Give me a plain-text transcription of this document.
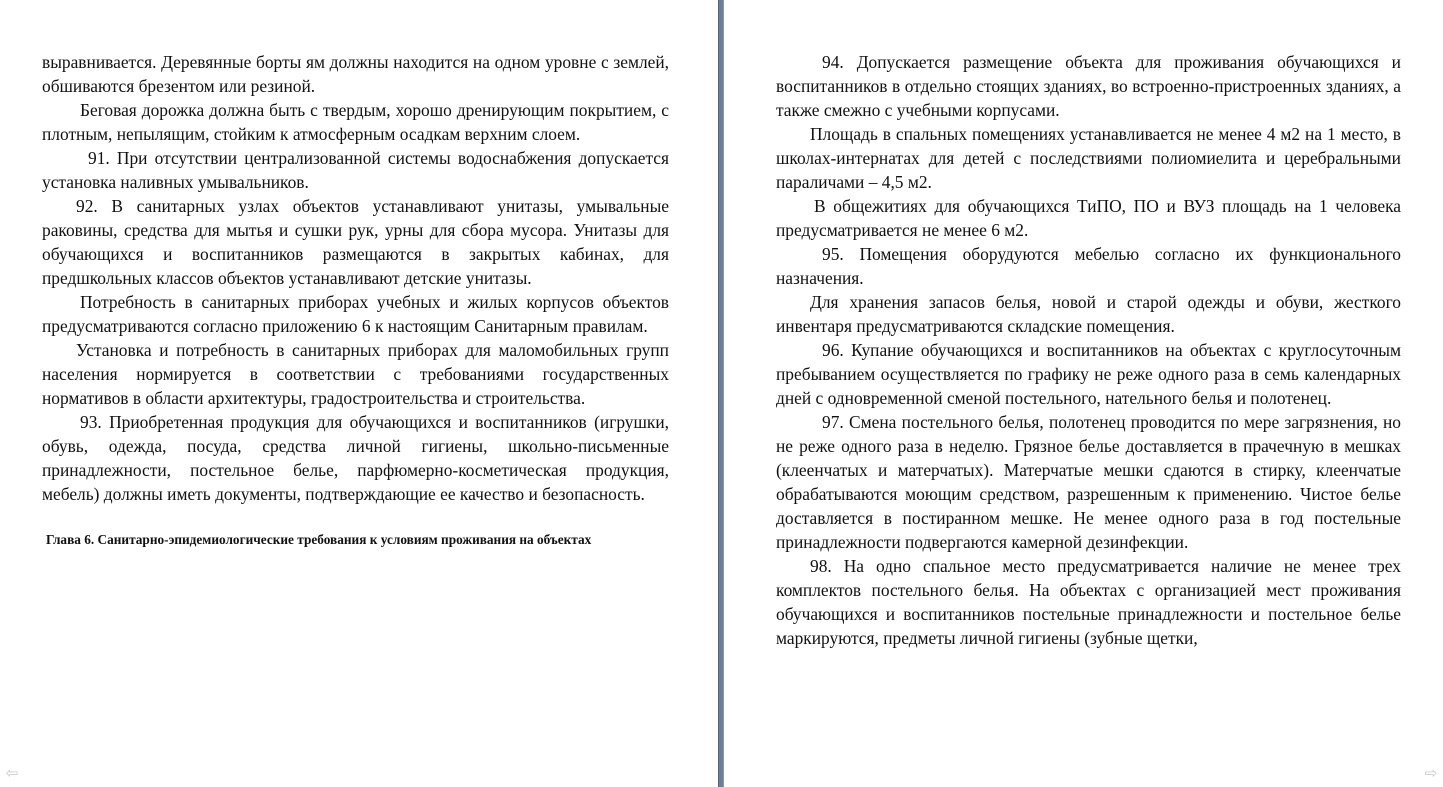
выравнивается. Деревянные борты ям должны находится на одном уровне с землей, обшиваются брезентом или резиной.

Беговая дорожка должна быть с твердым, хорошо дренирующим покрытием, с плотным, непылящим, стойким к атмосферным осадкам верхним слоем.

91. При отсутствии централизованной системы водоснабжения допускается установка наливных умывальников.

92. В санитарных узлах объектов устанавливают унитазы, умывальные раковины, средства для мытья и сушки рук, урны для сбора мусора. Унитазы для обучающихся и воспитанников размещаются в закрытых кабинах, для предшкольных классов объектов устанавливают детские унитазы.

Потребность в санитарных приборах учебных и жилых корпусов объектов предусматриваются согласно приложению 6 к настоящим Санитарным правилам.

Установка и потребность в санитарных приборах для маломобильных групп населения нормируется в соответствии с требованиями государственных нормативов в области архитектуры, градостроительства и строительства.

93. Приобретенная продукция для обучающихся и воспитанников (игрушки, обувь, одежда, посуда, средства личной гигиены, школьно-письменные принадлежности, постельное белье, парфюмерно-косметическая продукция, мебель) должны иметь документы, подтверждающие ее качество и безопасность.

Глава 6. Санитарно-эпидемиологические требования к условиям проживания на объектах

94. Допускается размещение объекта для проживания обучающихся и воспитанников в отдельно стоящих зданиях, во встроенно-пристроенных зданиях, а также смежно с учебными корпусами.

Площадь в спальных помещениях устанавливается не менее 4 м2 на 1 место, в школах-интернатах для детей с последствиями полиомиелита и церебральными параличами – 4,5 м2.

В общежитиях для обучающихся ТиПО, ПО и ВУЗ площадь на 1 человека предусматривается не менее 6 м2.

95. Помещения оборудуются мебелью согласно их функционального назначения.

Для хранения запасов белья, новой и старой одежды и обуви, жесткого инвентаря предусматриваются складские помещения.

96. Купание обучающихся и воспитанников на объектах с круглосуточным пребыванием осуществляется по графику не реже одного раза в семь календарных дней с одновременной сменой постельного, нательного белья и полотенец.

97. Смена постельного белья, полотенец проводится по мере загрязнения, но не реже одного раза в неделю. Грязное белье доставляется в прачечную в мешках (клеенчатых и матерчатых). Матерчатые мешки сдаются в стирку, клеенчатые обрабатываются моющим средством, разрешенным к применению. Чистое белье доставляется в постиранном мешке. Не менее одного раза в год постельные принадлежности подвергаются камерной дезинфекции.

98. На одно спальное место предусматривается наличие не менее трех комплектов постельного белья. На объектах с организацией мест проживания обучающихся и воспитанников постельные принадлежности и постельное белье маркируются, предметы личной гигиены (зубные щетки,

⇦	⇨
